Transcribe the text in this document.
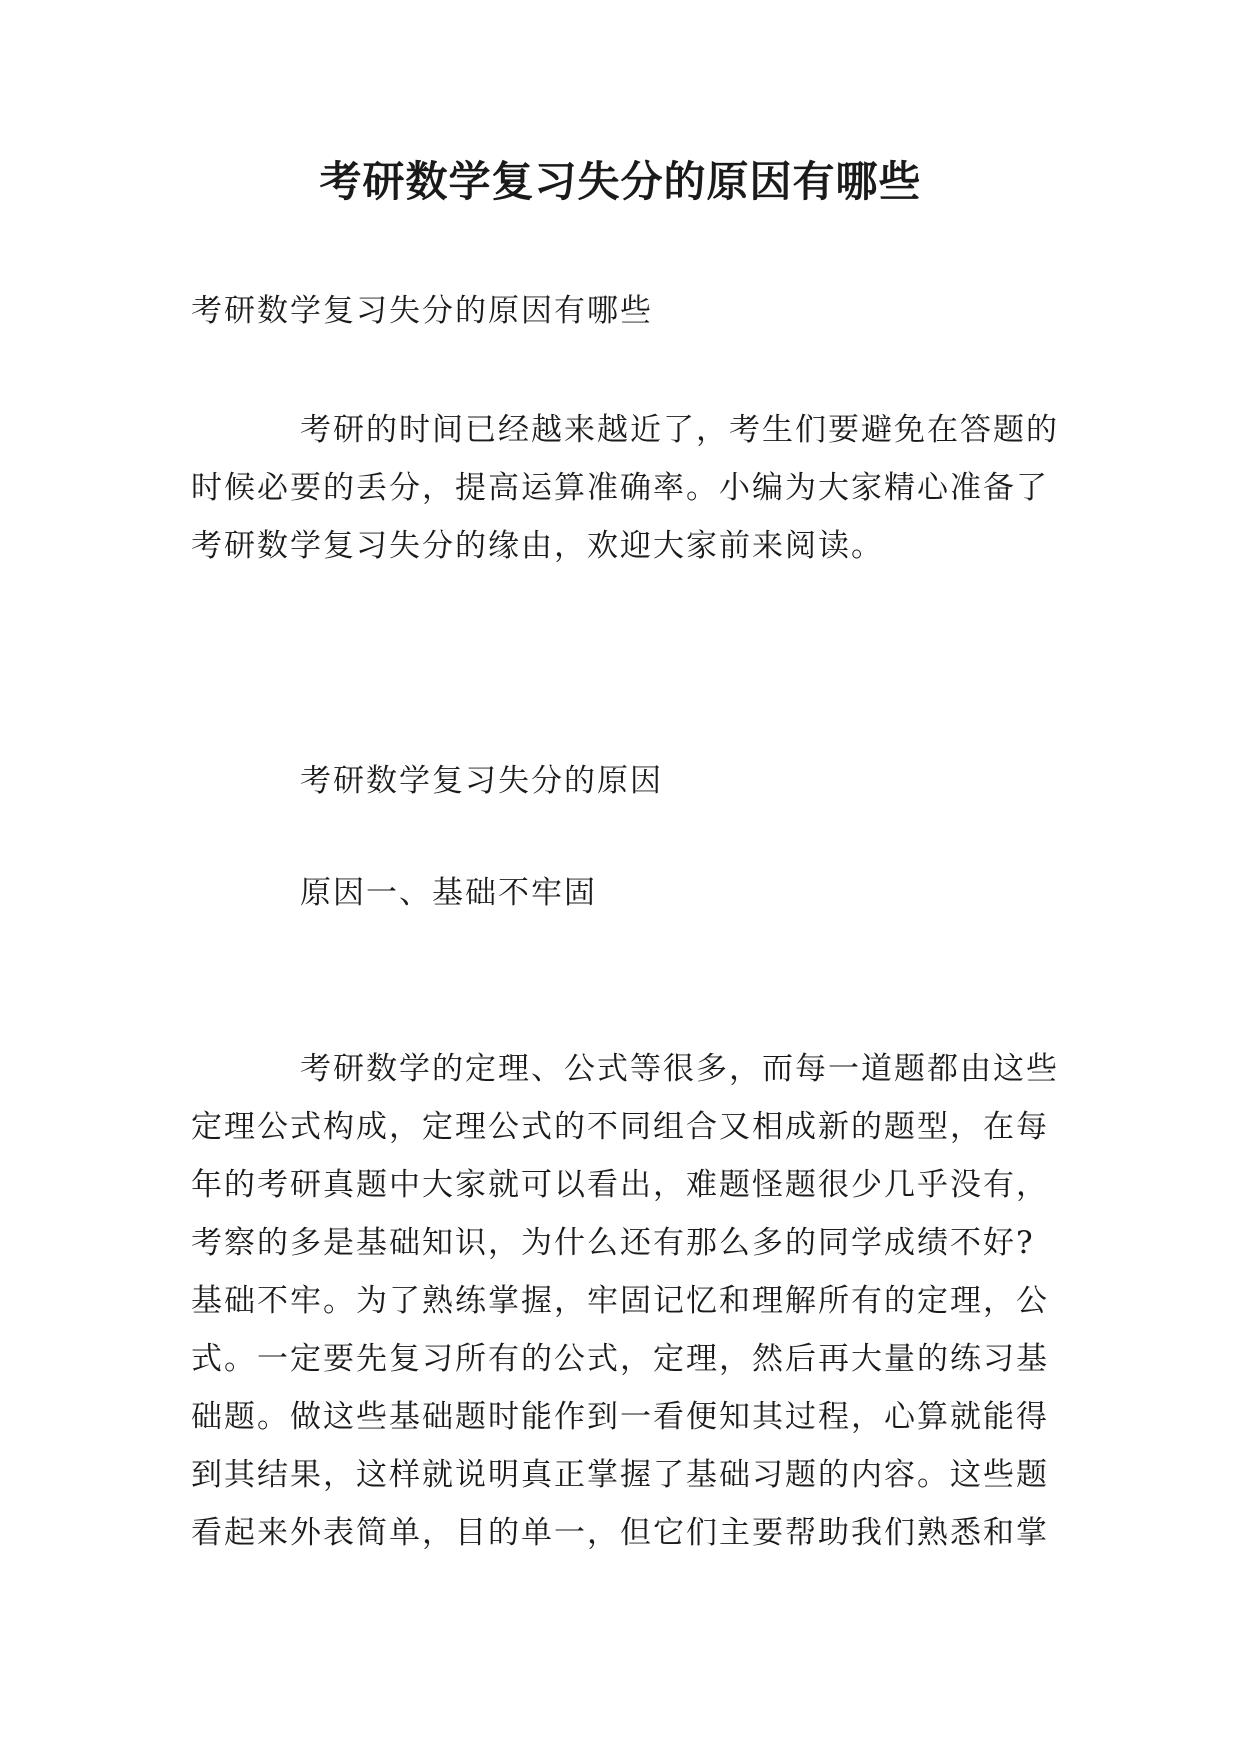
考研数学复习失分的原因有哪些
考研数学复习失分的原因有哪些
考研的时间已经越来越近了，考生们要避免在答题的
时候必要的丢分，提高运算准确率。小编为大家精心准备了
考研数学复习失分的缘由，欢迎大家前来阅读。
考研数学复习失分的原因
原因一、基础不牢固
考研数学的定理、公式等很多，而每一道题都由这些
定理公式构成，定理公式的不同组合又相成新的题型，在每
年的考研真题中大家就可以看出，难题怪题很少几乎没有，
考察的多是基础知识，为什么还有那么多的同学成绩不好?
基础不牢。为了熟练掌握，牢固记忆和理解所有的定理，公
式。一定要先复习所有的公式，定理，然后再大量的练习基
础题。做这些基础题时能作到一看便知其过程，心算就能得
到其结果，这样就说明真正掌握了基础习题的内容。这些题
看起来外表简单，目的单一，但它们主要帮助我们熟悉和掌
